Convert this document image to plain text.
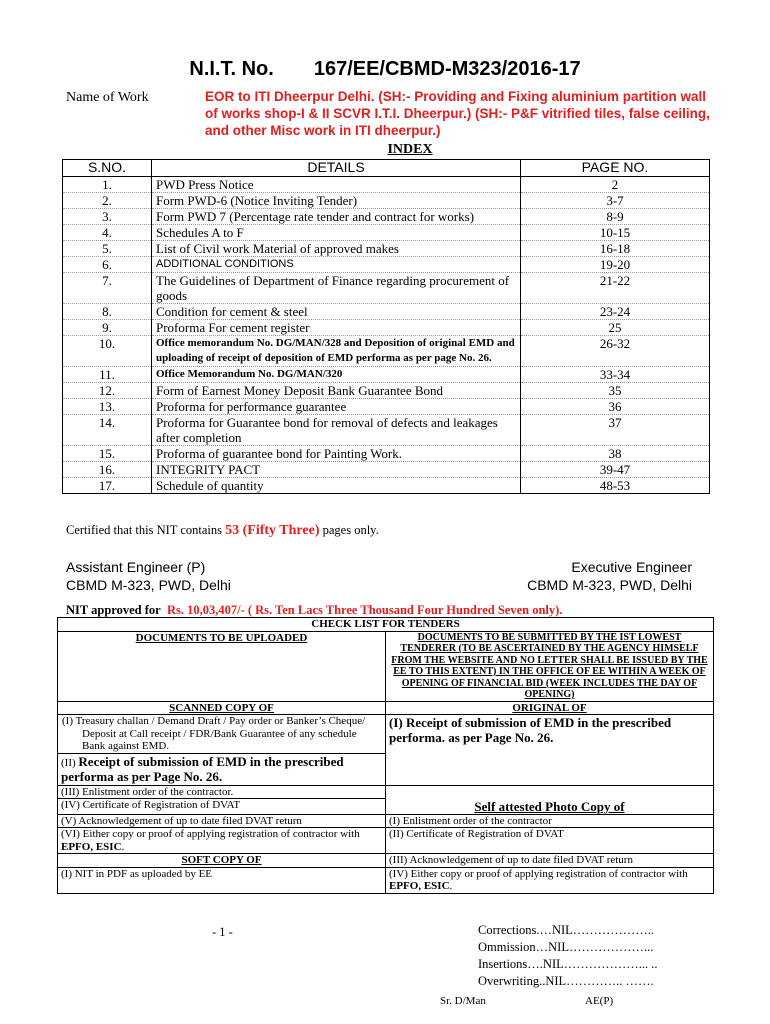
N.I.T. No. 167/EE/CBMD-M323/2016-17
Name of Work	EOR to ITI Dheerpur Delhi. (SH:- Providing and Fixing aluminium partition wall of works shop-I & II SCVR I.T.I. Dheerpur.) (SH:- P&F vitrified tiles, false ceiling, and other Misc work in ITI dheerpur.)
INDEX
S.NO.	DETAILS	PAGE NO.
1.	PWD Press Notice	2
2.	Form PWD-6 (Notice Inviting Tender)	3-7
3.	Form PWD 7 (Percentage rate tender and contract for works)	8-9
4.	Schedules A to F	10-15
5.	List of Civil work Material of approved makes	16-18
6.	ADDITIONAL CONDITIONS	19-20
7.	The Guidelines of Department of Finance regarding procurement of goods	21-22
8.	Condition for cement & steel	23-24
9.	Proforma For cement register	25
10.	Office memorandum No. DG/MAN/328 and Deposition of original EMD and uploading of receipt of deposition of EMD performa as per page No. 26.	26-32
11.	Office Memorandum No. DG/MAN/320	33-34
12.	Form of Earnest Money Deposit Bank Guarantee Bond	35
13.	Proforma for performance guarantee	36
14.	Proforma for Guarantee bond for removal of defects and leakages after completion	37
15.	Proforma of guarantee bond for Painting Work.	38
16.	INTEGRITY PACT	39-47
17.	Schedule of quantity	48-53
Certified that this NIT contains 53 (Fifty Three) pages only.
Assistant Engineer (P)
CBMD M-323, PWD, Delhi
Executive Engineer
CBMD M-323, PWD, Delhi
NIT approved for Rs. 10,03,407/- ( Rs. Ten Lacs Three Thousand Four Hundred Seven only).
CHECK LIST FOR TENDERS	
DOCUMENTS TO BE UPLOADED	DOCUMENTS TO BE SUBMITTED BY THE IST LOWEST TENDERER (TO BE ASCERTAINED BY THE AGENCY HIMSELF FROM THE WEBSITE AND NO LETTER SHALL BE ISSUED BY THE EE TO THIS EXTENT) IN THE OFFICE OF EE WITHIN A WEEK OF OPENING OF FINANCIAL BID (WEEK INCLUDES THE DAY OF OPENING)
SCANNED COPY OF	ORIGINAL OF
(I) Treasury challan / Demand Draft / Pay order or Banker’s Cheque/ Deposit at Call receipt / FDR/Bank Guarantee of any schedule Bank against EMD.	(I) Receipt of submission of EMD in the prescribed performa. as per Page No. 26.
(II) Receipt of submission of EMD in the prescribed performa as per Page No. 26.	
(III) Enlistment order of the contractor.	
(IV) Certificate of Registration of DVAT	Self attested Photo Copy of
(V) Acknowledgement of up to date filed DVAT return	(I) Enlistment order of the contractor
(VI) Either copy or proof of applying registration of contractor with EPFO, ESIC.	(II) Certificate of Registration of DVAT
SOFT COPY OF	(III) Acknowledgement of up to date filed DVAT return
(I) NIT in PDF as uploaded by EE	(IV) Either copy or proof of applying registration of contractor with EPFO, ESIC.
- 1 -	Corrections.…NIL………………..
Ommission…NIL………………...
Insertions….NIL………………... ..
Overwriting..NIL………….. …….
Sr. D/Man	AE(P)
